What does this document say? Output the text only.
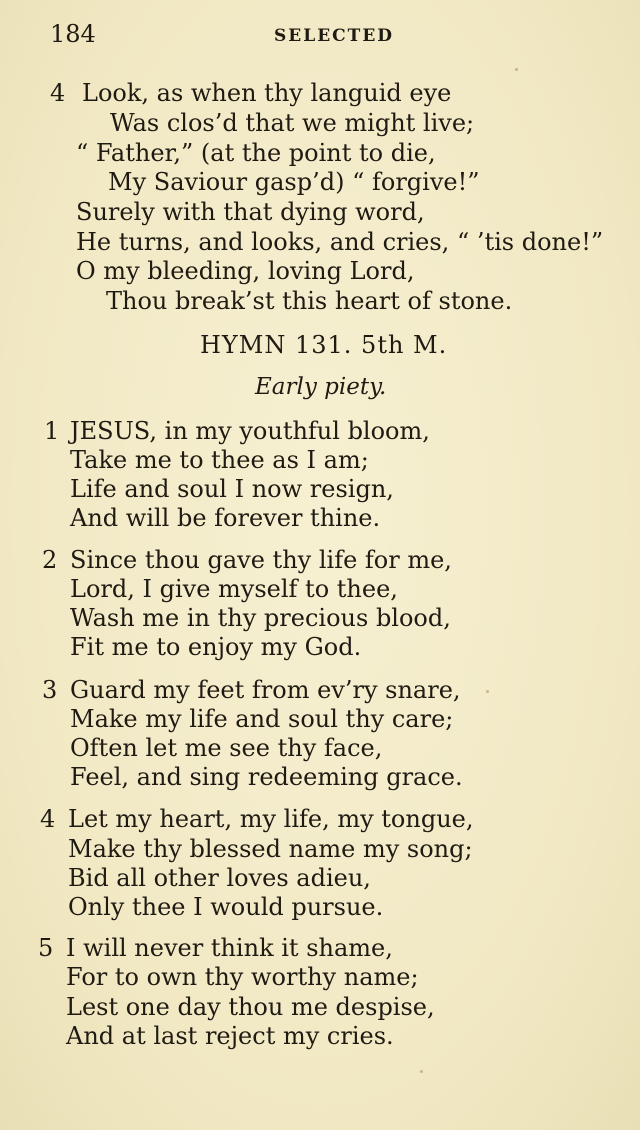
184	SELECTED
4 Look, as when thy languid eye
Was clos’d that we might live;
“ Father,” (at the point to die,
My Saviour gasp’d) “ forgive!”
Surely with that dying word,
He turns, and looks, and cries, “ ’tis done!”
O my bleeding, loving Lord,
Thou break’st this heart of stone.
HYMN 131. 5th M.
Early piety.
1 JESUS, in my youthful bloom,
Take me to thee as I am;
Life and soul I now resign,
And will be forever thine.
2 Since thou gave thy life for me,
Lord, I give myself to thee,
Wash me in thy precious blood,
Fit me to enjoy my God.
3 Guard my feet from ev’ry snare,
Make my life and soul thy care;
Often let me see thy face,
Feel, and sing redeeming grace.
4 Let my heart, my life, my tongue,
Make thy blessed name my song;
Bid all other loves adieu,
Only thee I would pursue.
5 I will never think it shame,
For to own thy worthy name;
Lest one day thou me despise,
And at last reject my cries.
